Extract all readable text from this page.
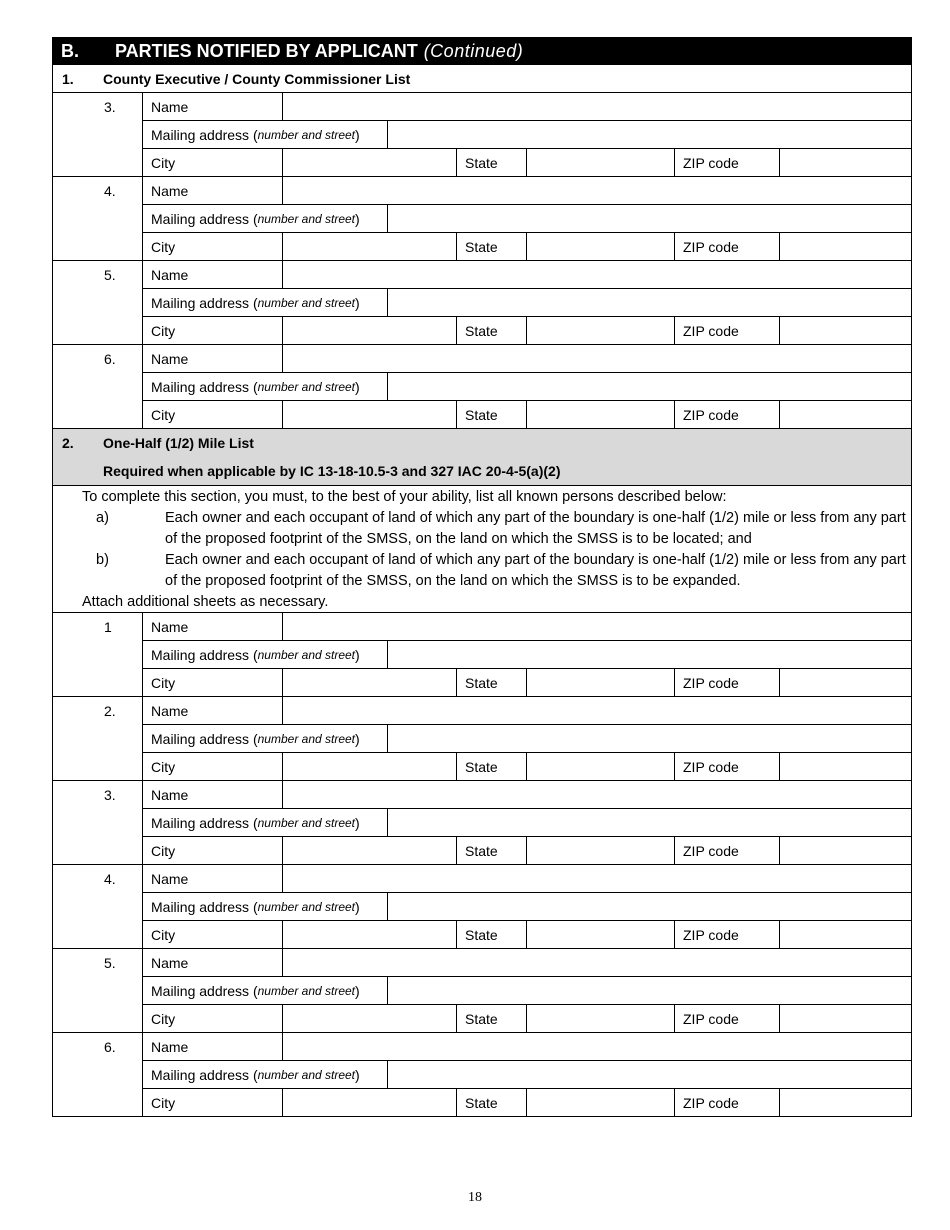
B.	PARTIES NOTIFIED BY APPLICANT (Continued)
1.	County Executive / County Commissioner List
3.	Name
Mailing address ( number and street )
City	State	ZIP code
4.	Name
Mailing address ( number and street )
City	State	ZIP code
5.	Name
Mailing address ( number and street )
City	State	ZIP code
6.	Name
Mailing address ( number and street )
City	State	ZIP code
2.	One-Half (1/2) Mile List
Required when applicable by IC 13-18-10.5-3 and 327 IAC 20-4-5(a)(2)
To complete this section, you must, to the best of your ability, list all known persons described below:
a)	Each owner and each occupant of land of which any part of the boundary is one-half (1/2) mile or less from any part of the proposed footprint of the SMSS, on the land on which the SMSS is to be located; and
b)	Each owner and each occupant of land of which any part of the boundary is one-half (1/2) mile or less from any part of the proposed footprint of the SMSS, on the land on which the SMSS is to be expanded.
Attach additional sheets as necessary.
1	Name
Mailing address ( number and street )
City	State	ZIP code
2.	Name
Mailing address ( number and street )
City	State	ZIP code
3.	Name
Mailing address ( number and street )
City	State	ZIP code
4.	Name
Mailing address ( number and street )
City	State	ZIP code
5.	Name
Mailing address ( number and street )
City	State	ZIP code
6.	Name
Mailing address ( number and street )
City	State	ZIP code
18
